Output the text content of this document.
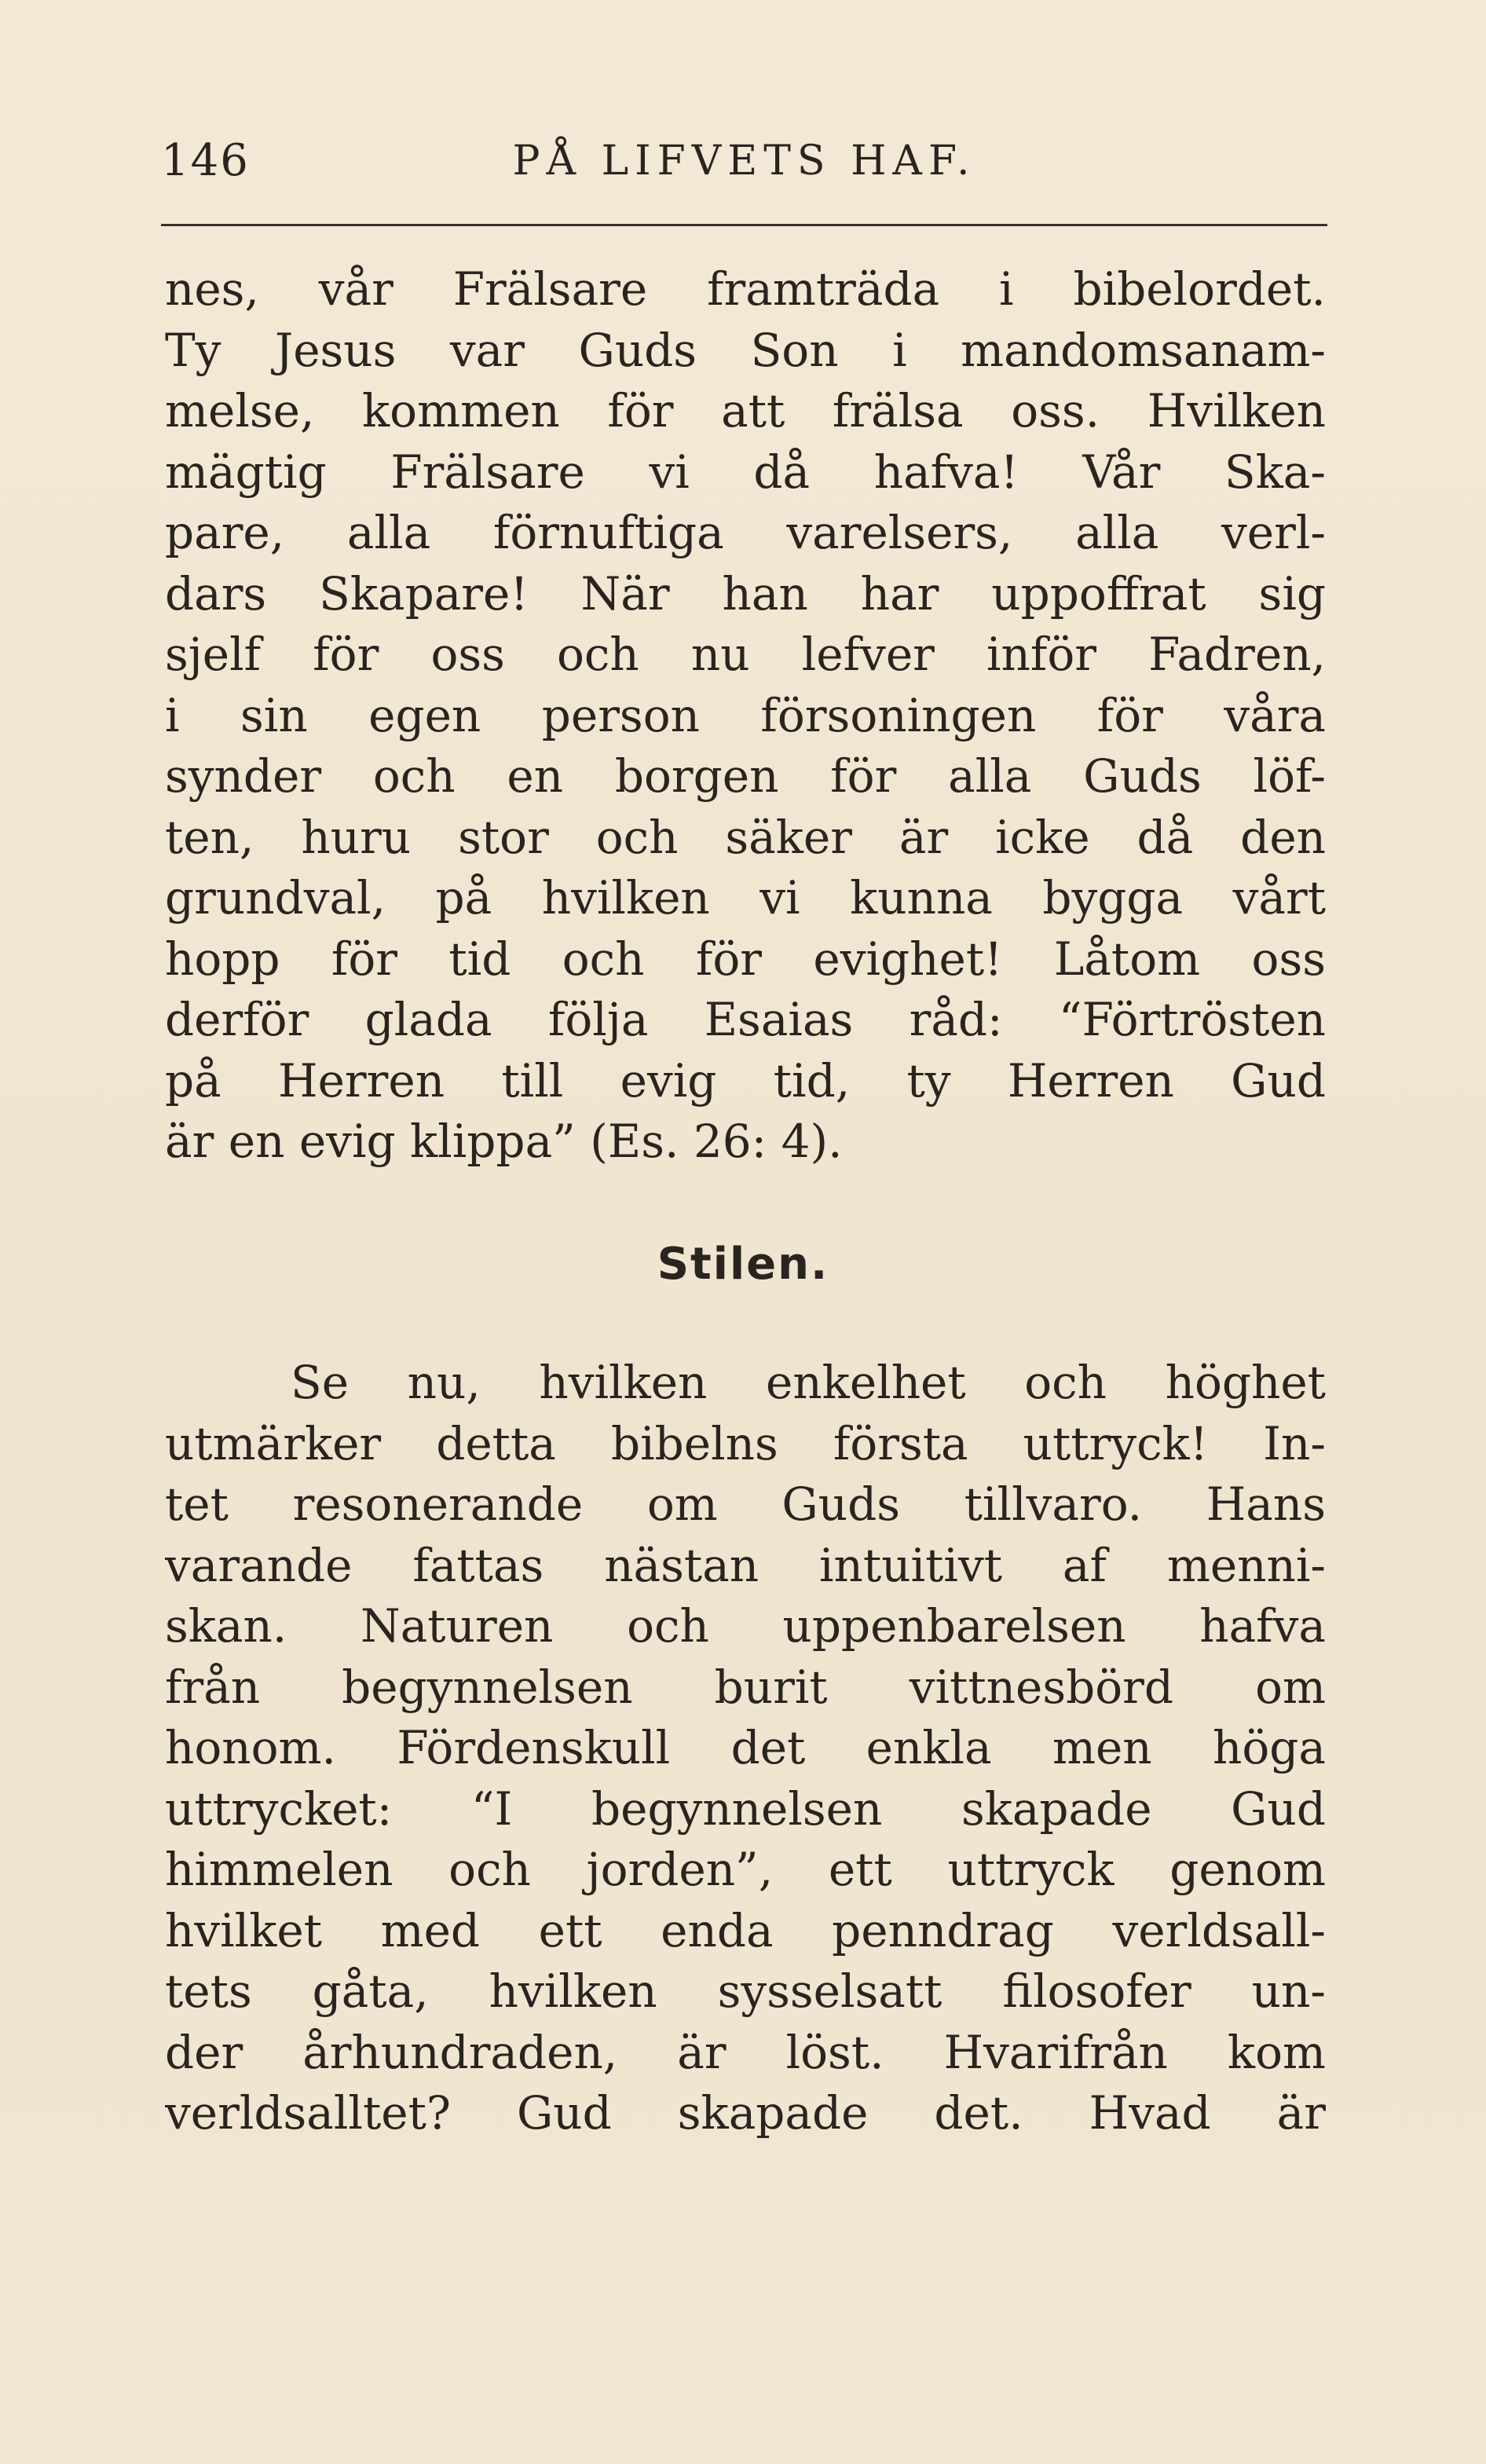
146	PÅ LIFVETS HAF.
nes, vår Frälsare framträda i bibelordet.
Ty Jesus var Guds Son i mandomsanam-
melse, kommen för att frälsa oss. Hvilken
mägtig Frälsare vi då hafva! Vår Ska-
pare, alla förnuftiga varelsers, alla verl-
dars Skapare! När han har uppoffrat sig
sjelf för oss och nu lefver inför Fadren,
i sin egen person försoningen för våra
synder och en borgen för alla Guds löf-
ten, huru stor och säker är icke då den
grundval, på hvilken vi kunna bygga vårt
hopp för tid och för evighet! Låtom oss
derför glada följa Esaias råd: “Förtrösten
på Herren till evig tid, ty Herren Gud
är en evig klippa” (Es. 26: 4).
Stilen.
Se nu, hvilken enkelhet och höghet
utmärker detta bibelns första uttryck! In-
tet resonerande om Guds tillvaro. Hans
varande fattas nästan intuitivt af menni-
skan. Naturen och uppenbarelsen hafva
från begynnelsen burit vittnesbörd om
honom. Fördenskull det enkla men höga
uttrycket: “I begynnelsen skapade Gud
himmelen och jorden”, ett uttryck genom
hvilket med ett enda penndrag verldsall-
tets gåta, hvilken sysselsatt filosofer un-
der århundraden, är löst. Hvarifrån kom
verldsalltet? Gud skapade det. Hvad är
